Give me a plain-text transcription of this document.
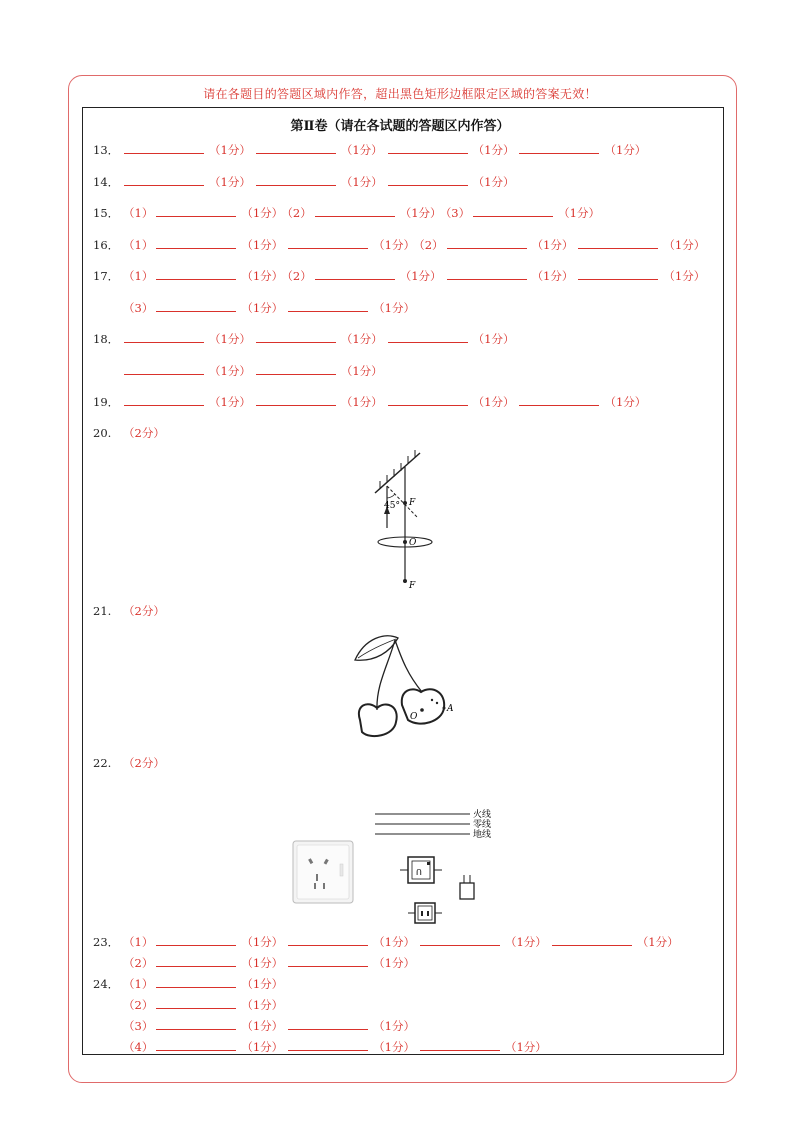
请在各题目的答题区域内作答，超出黑色矩形边框限定区域的答案无效！
第Ⅱ卷（请在各试题的答题区内作答）
13．	（1分）	（1分）	（1分）	（1分）
14．	（1分）	（1分）	（1分）
15． （1）	（1分） （2）	（1分） （3）	（1分）
16． （1）	（1分）	（1分） （2）	（1分）	（1分）
17． （1）	（1分） （2）	（1分）	（1分）	（1分）
（3）	（1分）	（1分）
18．	（1分）	（1分）	（1分）
（1分）	（1分）
19．	（1分）	（1分）	（1分）	（1分）
20. （2分）
45° F
O
F
21. （2分）
O
A
22. （2分）
火线
零线
地线
ꓵ
23． （1）	（1分）	（1分）	（1分）	（1分）
（2）	（1分）	（1分）
24． （1）	（1分）
（2）	（1分）
（3）	（1分）	（1分）
（4）	（1分）	（1分）	（1分）
